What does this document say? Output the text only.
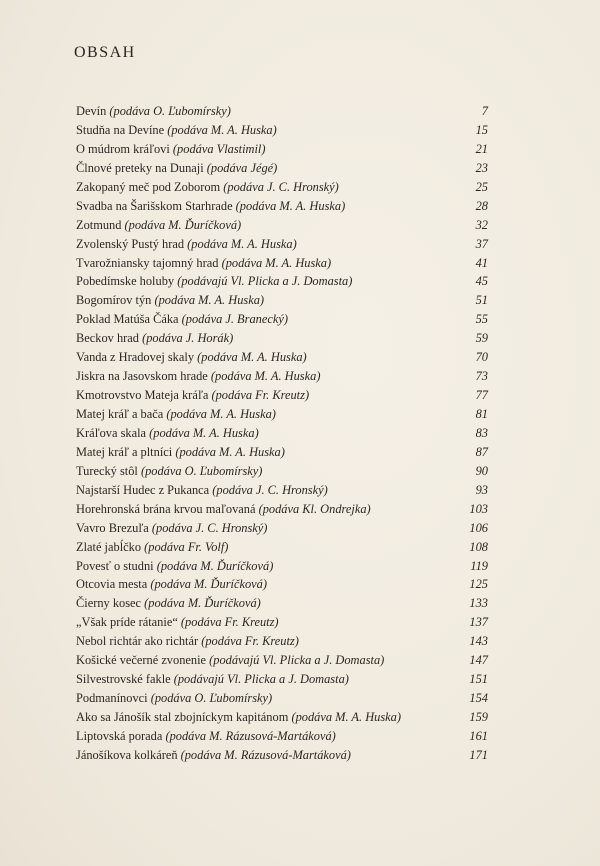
OBSAH
Devín (podáva O. Ľubomírsky)	7
Studňa na Devíne (podáva M. A. Huska)	15
O múdrom kráľovi (podáva Vlastimil)	21
Člnové preteky na Dunaji (podáva Jégé)	23
Zakopaný meč pod Zoborom (podáva J. C. Hronský)	25
Svadba na Šarišskom Starhrade (podáva M. A. Huska)	28
Zotmund (podáva M. Ďuríčková)	32
Zvolenský Pustý hrad (podáva M. A. Huska)	37
Tvarožniansky tajomný hrad (podáva M. A. Huska)	41
Pobedímske holuby (podávajú Vl. Plicka a J. Domasta)	45
Bogomírov týn (podáva M. A. Huska)	51
Poklad Matúša Čáka (podáva J. Branecký)	55
Beckov hrad (podáva J. Horák)	59
Vanda z Hradovej skaly (podáva M. A. Huska)	70
Jiskra na Jasovskom hrade (podáva M. A. Huska)	73
Kmotrovstvo Mateja kráľa (podáva Fr. Kreutz)	77
Matej kráľ a bača (podáva M. A. Huska)	81
Kráľova skala (podáva M. A. Huska)	83
Matej kráľ a pltníci (podáva M. A. Huska)	87
Turecký stôl (podáva O. Ľubomírsky)	90
Najstarší Hudec z Pukanca (podáva J. C. Hronský)	93
Horehronská brána krvou maľovaná (podáva Kl. Ondrejka)	103
Vavro Brezuľa (podáva J. C. Hronský)	106
Zlaté jabĺčko (podáva Fr. Volf)	108
Povesť o studni (podáva M. Ďuríčková)	119
Otcovia mesta (podáva M. Ďuríčková)	125
Čierny kosec (podáva M. Ďuríčková)	133
„Však príde rátanie“ (podáva Fr. Kreutz)	137
Nebol richtár ako richtár (podáva Fr. Kreutz)	143
Košické večerné zvonenie (podávajú Vl. Plicka a J. Domasta)	147
Silvestrovské fakle (podávajú Vl. Plicka a J. Domasta)	151
Podmanínovci (podáva O. Ľubomírsky)	154
Ako sa Jánošík stal zbojníckym kapitánom (podáva M. A. Huska)	159
Liptovská porada (podáva M. Rázusová-Martáková)	161
Jánošíkova kolkáreň (podáva M. Rázusová-Martáková)	171
